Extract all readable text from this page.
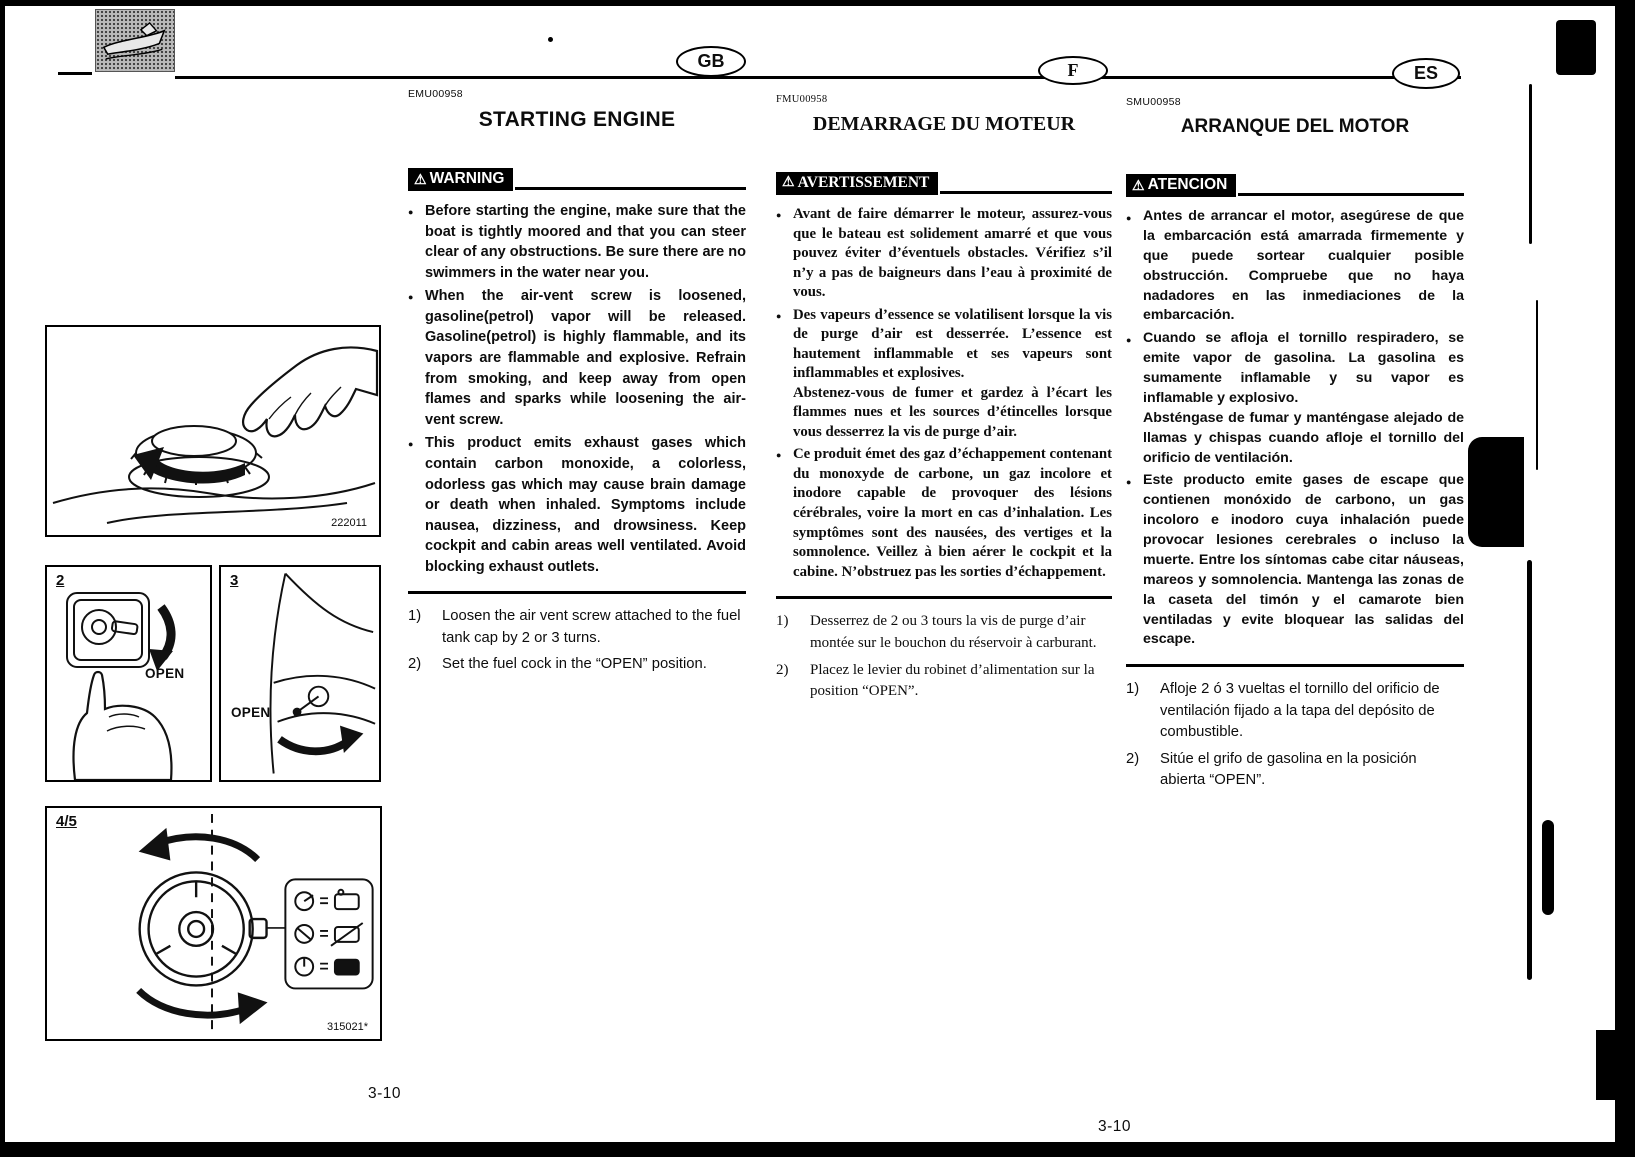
GB	F	ES
EMU00958
STARTING ENGINE
⚠ WARNING
●
Before starting the engine, make sure that the boat is tightly moored and that you can steer clear of any obstructions. Be sure there are no swimmers in the water near you.
●
When the air-vent screw is loosened, gasoline(petrol) vapor will be released. Gasoline(petrol) is highly flammable, and its vapors are flammable and explosive. Refrain from smoking, and keep away from open flames and sparks while loosening the air-vent screw.
●
This product emits exhaust gases which contain carbon monoxide, a colorless, odorless gas which may cause brain damage or death when inhaled. Symptoms include nausea, dizziness, and drowsiness. Keep cockpit and cabin areas well ventilated. Avoid blocking exhaust outlets.
1)	Loosen the air vent screw attached to the fuel tank cap by 2 or 3 turns.
2)	Set the fuel cock in the “OPEN” position.
FMU00958
DEMARRAGE DU MOTEUR
⚠ AVERTISSEMENT
●
Avant de faire démarrer le moteur, assurez-vous que le bateau est solidement amarré et que vous pouvez éviter d’éventuels obstacles. Vérifiez s’il n’y a pas de baigneurs dans l’eau à proximité de vous.
●
Des vapeurs d’essence se volatilisent lorsque la vis de purge d’air est desserrée. L’essence est hautement inflammable et ses vapeurs sont inflammables et explosives.
Abstenez-vous de fumer et gardez à l’écart les flammes nues et les sources d’étincelles lorsque vous desserrez la vis de purge d’air.
●
Ce produit émet des gaz d’échappement contenant du monoxyde de carbone, un gaz incolore et inodore capable de provoquer des lésions cérébrales, voire la mort en cas d’inhalation. Les symptômes sont des nausées, des vertiges et la somnolence. Veillez à bien aérer le cockpit et la cabine. N’obstruez pas les sorties d’échappement.
1)	Desserrez de 2 ou 3 tours la vis de purge d’air montée sur le bouchon du réservoir à carburant.
2)	Placez le levier du robinet d’alimentation sur la position “OPEN”.
SMU00958
ARRANQUE DEL MOTOR
⚠ ATENCION
●
Antes de arrancar el motor, asegúrese de que la embarcación está amarrada firmemente y que puede sortear cualquier posible obstrucción. Compruebe que no haya nadadores en las inmediaciones de la embarcación.
●
Cuando se afloja el tornillo respiradero, se emite vapor de gasolina. La gasolina es sumamente inflamable y su vapor es inflamable y explosivo.
Absténgase de fumar y manténgase alejado de llamas y chispas cuando afloje el tornillo del orificio de ventilación.
●
Este producto emite gases de escape que contienen monóxido de carbono, un gas incoloro e inodoro cuya inhalación puede provocar lesiones cerebrales o incluso la muerte. Entre los síntomas cabe citar náuseas, mareos y somnolencia. Mantenga las zonas de la caseta del timón y el camarote bien ventiladas y evite bloquear las salidas del escape.
1)	Afloje 2 ó 3 vueltas el tornillo del orificio de ventilación fijado a la tapa del depósito de combustible.
2)	Sitúe el grifo de gasolina en la posición abierta “OPEN”.
222011
2
OPEN
3
OPEN
4/5
315021*
3-10
3-10
